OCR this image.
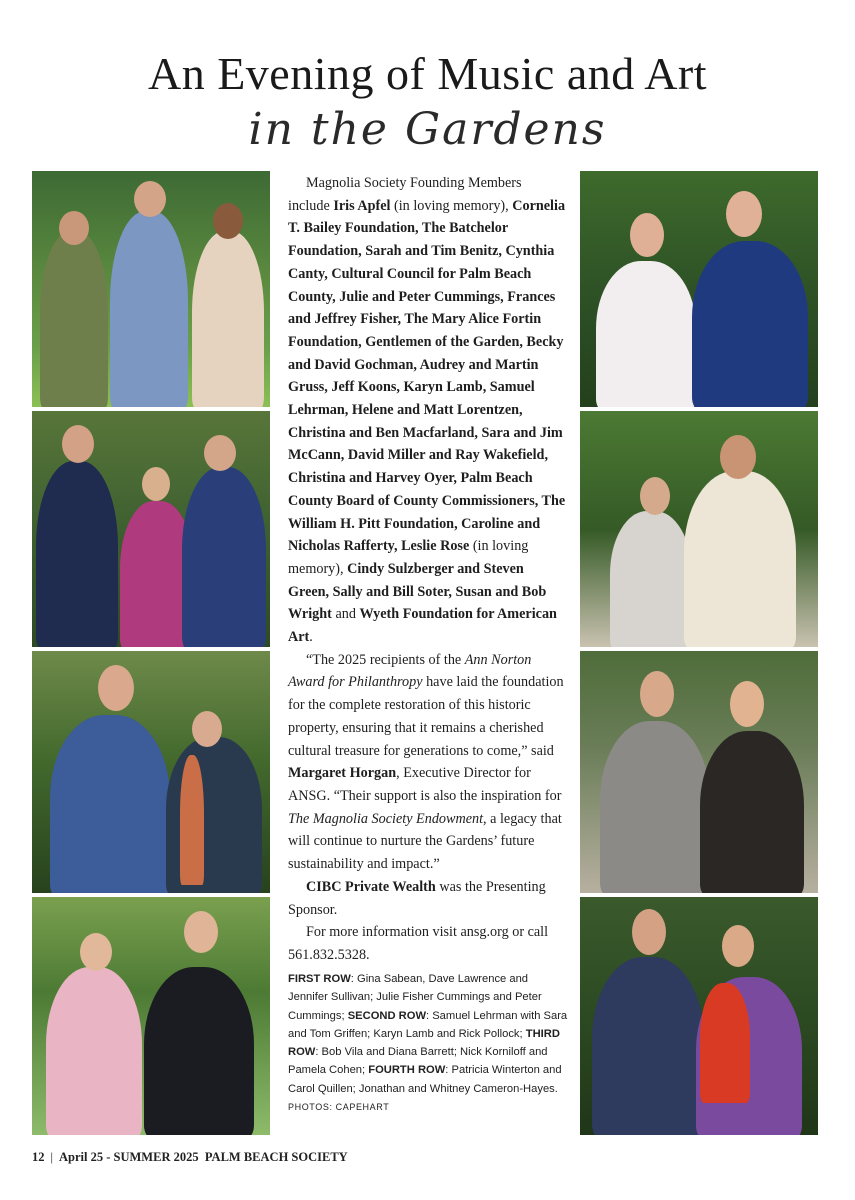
An Evening of Music and Art
in the Gardens

Magnolia Society Founding Members include Iris Apfel (in loving memory), Cornelia T. Bailey Foundation, The Batchelor Foundation, Sarah and Tim Benitz, Cynthia Canty, Cultural Council for Palm Beach County, Julie and Peter Cummings, Frances and Jeffrey Fisher, The Mary Alice Fortin Foundation, Gentlemen of the Garden, Becky and David Gochman, Audrey and Martin Gruss, Jeff Koons, Karyn Lamb, Samuel Lehrman, Helene and Matt Lorentzen, Christina and Ben Macfarland, Sara and Jim McCann, David Miller and Ray Wakefield, Christina and Harvey Oyer, Palm Beach County Board of County Commissioners, The William H. Pitt Foundation, Caroline and Nicholas Rafferty, Leslie Rose (in loving memory), Cindy Sulzberger and Steven Green, Sally and Bill Soter, Susan and Bob Wright and Wyeth Foundation for American Art.

“The 2025 recipients of the Ann Norton Award for Philanthropy have laid the foundation for the complete restoration of this historic property, ensuring that it remains a cherished cultural treasure for generations to come,” said Margaret Horgan, Executive Director for ANSG. “Their support is also the inspiration for The Magnolia Society Endowment, a legacy that will continue to nurture the Gardens’ future sustainability and impact.”

CIBC Private Wealth was the Presenting Sponsor.

For more information visit ansg.org or call 561.832.5328.

FIRST ROW: Gina Sabean, Dave Lawrence and Jennifer Sullivan; Julie Fisher Cummings and Peter Cummings; SECOND ROW: Samuel Lehrman with Sara and Tom Griffen; Karyn Lamb and Rick Pollock; THIRD ROW: Bob Vila and Diana Barrett; Nick Korniloff and Pamela Cohen; FOURTH ROW: Patricia Winterton and Carol Quillen; Jonathan and Whitney Cameron-Hayes.
PHOTOS: CAPEHART
12 | April 25 - SUMMER 2025 PALM BEACH SOCIETY
